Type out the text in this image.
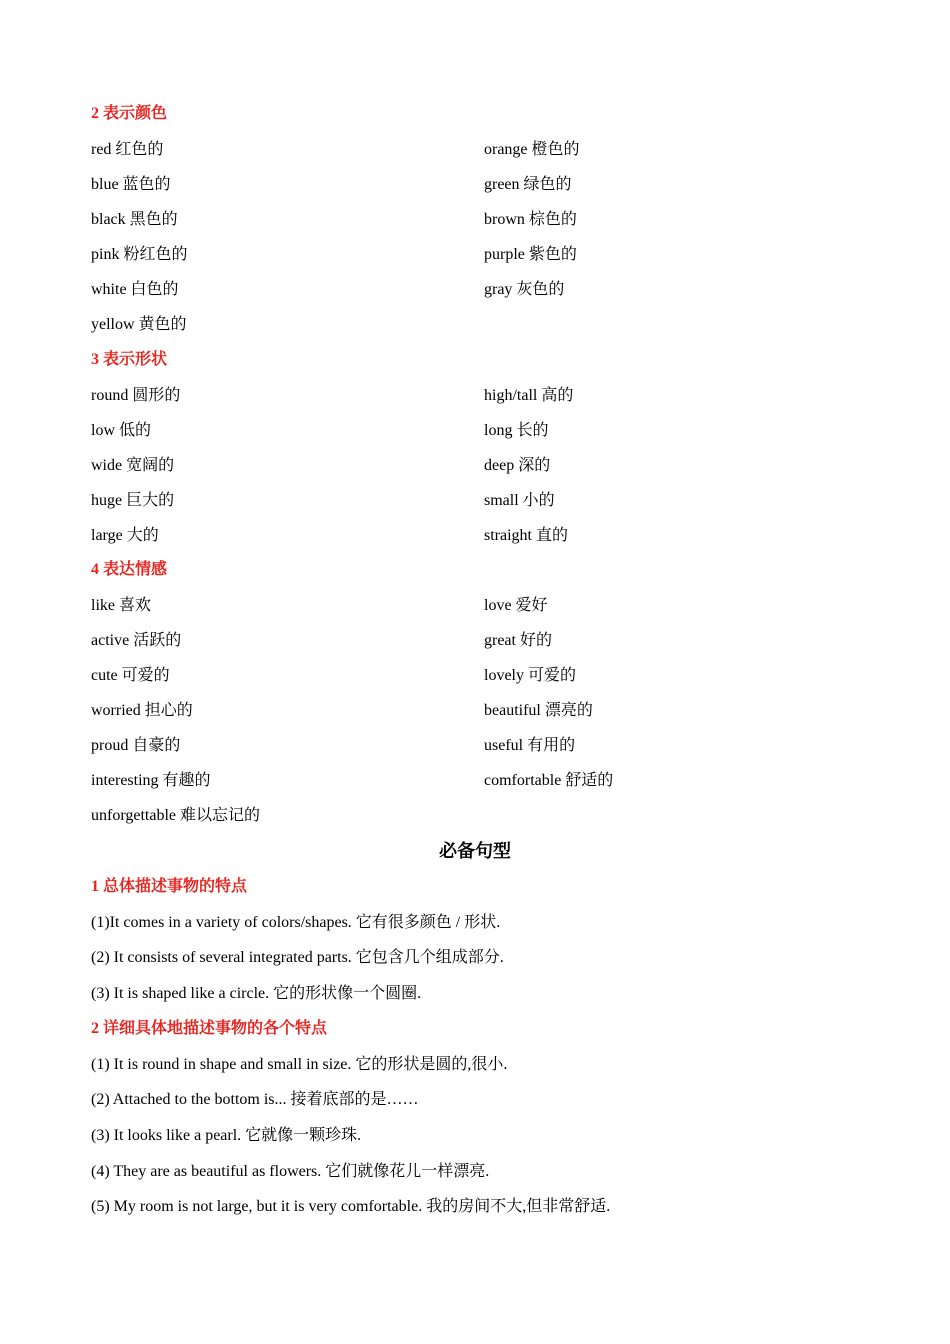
2 表示颜色
red 红色的	orange 橙色的
blue 蓝色的	green 绿色的
black 黑色的	brown 棕色的
pink 粉红色的	purple 紫色的
white 白色的	gray 灰色的
yellow 黄色的
3 表示形状
round 圆形的	high/tall 高的
low 低的	long 长的
wide 宽阔的	deep 深的
huge 巨大的	small 小的
large 大的	straight 直的
4 表达情感
like 喜欢	love 爱好
active 活跃的	great 好的
cute 可爱的	lovely 可爱的
worried 担心的	beautiful 漂亮的
proud 自豪的	useful 有用的
interesting 有趣的	comfortable 舒适的
unforgettable 难以忘记的
必备句型
1 总体描述事物的特点
(1)It comes in a variety of colors/shapes. 它有很多颜色 / 形状.
(2) It consists of several integrated parts. 它包含几个组成部分.
(3) It is shaped like a circle. 它的形状像一个圆圈.
2 详细具体地描述事物的各个特点
(1) It is round in shape and small in size. 它的形状是圆的,很小.
(2) Attached to the bottom is... 接着底部的是……
(3) It looks like a pearl. 它就像一颗珍珠.
(4) They are as beautiful as flowers. 它们就像花儿一样漂亮.
(5) My room is not large, but it is very comfortable. 我的房间不大,但非常舒适.
